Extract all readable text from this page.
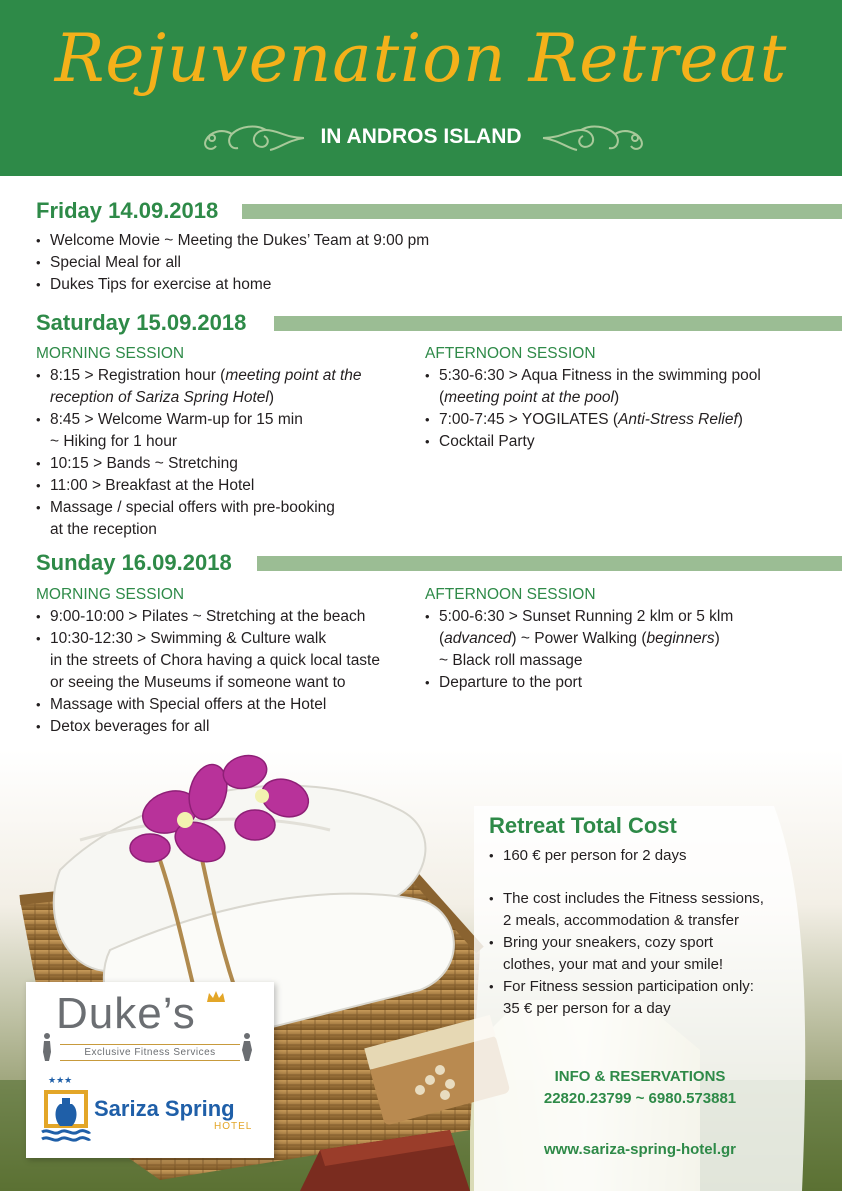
Rejuvenation Retreat
IN ANDROS ISLAND
Friday 14.09.2018
• Welcome Movie ~ Meeting the Dukes’ Team at 9:00 pm
• Special Meal for all
• Dukes Tips for exercise at home
Saturday 15.09.2018
MORNING SESSION
• 8:15 > Registration hour (meeting point at the
reception of Sariza Spring Hotel)
• 8:45 > Welcome Warm-up for 15 min
~ Hiking for 1 hour
• 10:15 > Bands ~ Stretching
• 11:00 > Breakfast at the Hotel
• Massage / special offers with pre-booking
at the reception
AFTERNOON SESSION
• 5:30-6:30 > Aqua Fitness in the swimming pool
(meeting point at the pool)
• 7:00-7:45 > YOGILATES (Anti-Stress Relief)
• Cocktail Party
Sunday 16.09.2018
MORNING SESSION
• 9:00-10:00 > Pilates ~ Stretching at the beach
• 10:30-12:30 > Swimming & Culture walk
in the streets of Chora having a quick local taste
or seeing the Museums if someone want to
• Massage with Special offers at the Hotel
• Detox beverages for all
AFTERNOON SESSION
• 5:00-6:30 > Sunset Running 2 klm or 5 klm
(advanced) ~ Power Walking (beginners)
~ Black roll massage
• Departure to the port
Retreat Total Cost
• 160 € per person for 2 days
• The cost includes the Fitness sessions,
2 meals, accommodation & transfer
• Bring your sneakers, cozy sport
clothes, your mat and your smile!
• For Fitness session participation only:
35 € per person for a day
INFO & RESERVATIONS
22820.23799 ~ 6980.573881
www.sariza-spring-hotel.gr
Duke’s
Exclusive Fitness Services
★★★
Sariza Spring
HOTEL
